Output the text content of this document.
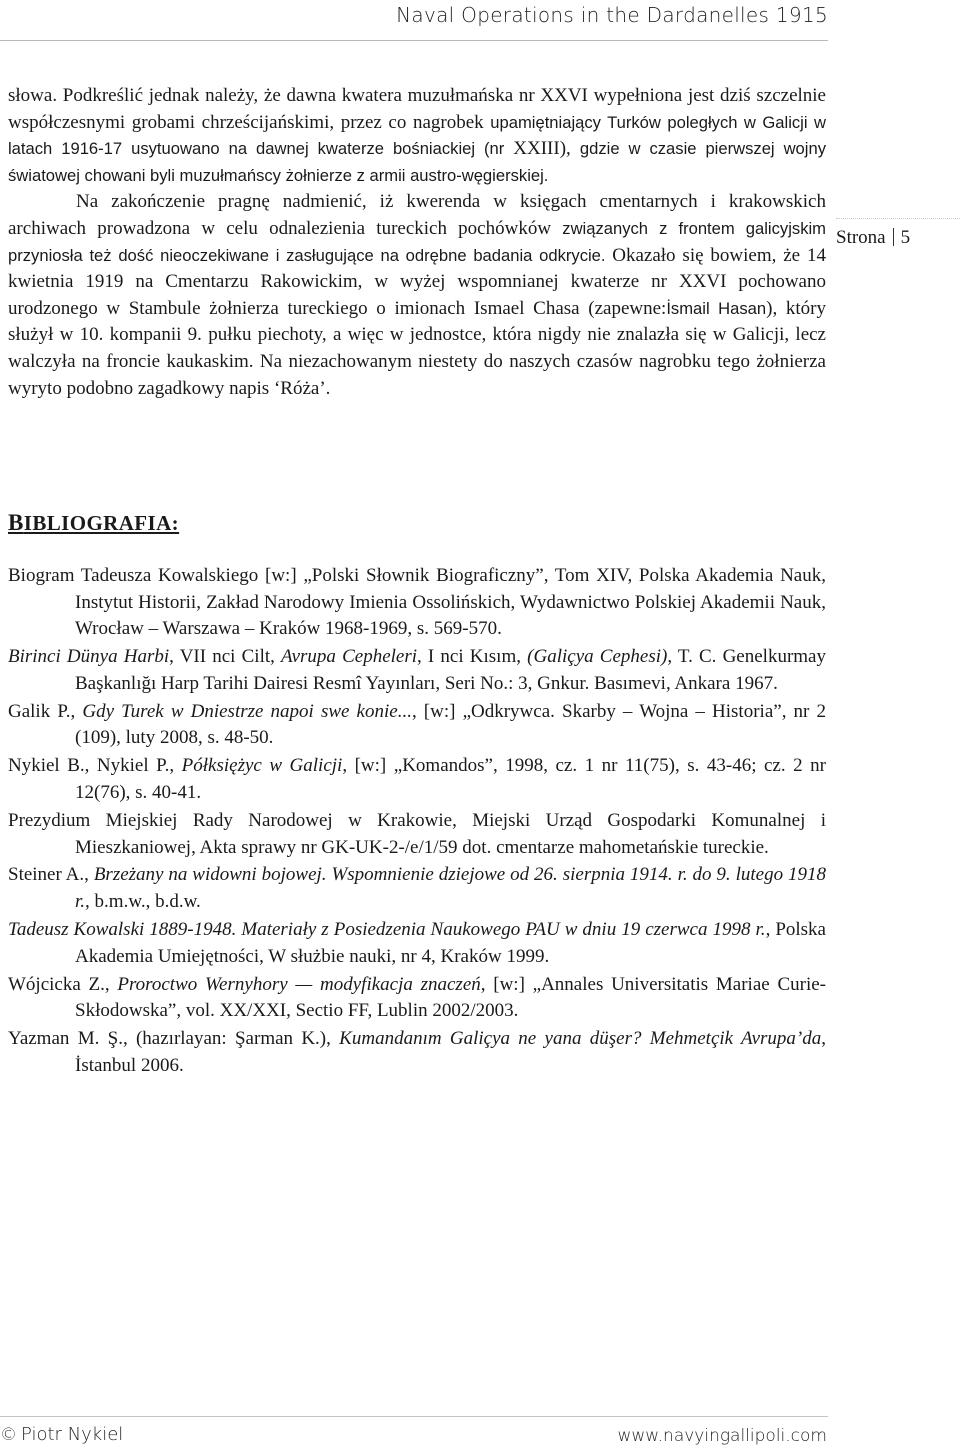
Naval Operations in the Dardanelles 1915
Strona 5

słowa. Podkreślić jednak należy, że dawna kwatera muzułmańska nr XXVI wypełniona jest dziś szczelnie współczesnymi grobami chrześcijańskimi, przez co nagrobek upamiętniający Turków poległych w Galicji w latach 1916-17 usytuowano na dawnej kwaterze bośniackiej (nr XXIII), gdzie w czasie pierwszej wojny światowej chowani byli muzułmańscy żołnierze z armii austro-węgierskiej.

Na zakończenie pragnę nadmienić, iż kwerenda w księgach cmentarnych i krakowskich archiwach prowadzona w celu odnalezienia tureckich pochówków związanych z frontem galicyjskim przyniosła też dość nieoczekiwane i zasługujące na odrębne badania odkrycie. Okazało się bowiem, że 14 kwietnia 1919 na Cmentarzu Rakowickim, w wyżej wspomnianej kwaterze nr XXVI pochowano urodzonego w Stambule żołnierza tureckiego o imionach Ismael Chasa (zapewne:İsmail Hasan), który służył w 10. kompanii 9. pułku piechoty, a więc w jednostce, która nigdy nie znalazła się w Galicji, lecz walczyła na froncie kaukaskim. Na niezachowanym niestety do naszych czasów nagrobku tego żołnierza wyryto podobno zagadkowy napis ‘Róża’.

BIBLIOGRAFIA:
Biogram Tadeusza Kowalskiego [w:] „Polski Słownik Biograficzny”, Tom XIV, Polska Akademia Nauk, Instytut Historii, Zakład Narodowy Imienia Ossolińskich, Wydawnictwo Polskiej Akademii Nauk, Wrocław – Warszawa – Kraków 1968-1969, s. 569-570.
Birinci Dünya Harbi, VII nci Cilt, Avrupa Cepheleri, I nci Kısım, (Galiçya Cephesi), T. C. Genelkurmay Başkanlığı Harp Tarihi Dairesi Resmî Yayınları, Seri No.: 3, Gnkur. Basımevi, Ankara 1967.
Galik P., Gdy Turek w Dniestrze napoi swe konie..., [w:] „Odkrywca. Skarby – Wojna – Historia”, nr 2 (109), luty 2008, s. 48-50.
Nykiel B., Nykiel P., Półksiężyc w Galicji, [w:] „Komandos”, 1998, cz. 1 nr 11(75), s. 43-46; cz. 2 nr 12(76), s. 40-41.
Prezydium Miejskiej Rady Narodowej w Krakowie, Miejski Urząd Gospodarki Komunalnej i Mieszkaniowej, Akta sprawy nr GK-UK-2-/e/1/59 dot. cmentarze mahometańskie tureckie.
Steiner A., Brzeżany na widowni bojowej. Wspomnienie dziejowe od 26. sierpnia 1914. r. do 9. lutego 1918 r., b.m.w., b.d.w.
Tadeusz Kowalski 1889-1948. Materiały z Posiedzenia Naukowego PAU w dniu 19 czerwca 1998 r., Polska Akademia Umiejętności, W służbie nauki, nr 4, Kraków 1999.
Wójcicka Z., Proroctwo Wernyhory — modyfikacja znaczeń, [w:] „Annales Universitatis Mariae Curie- Skłodowska”, vol. XX/XXI, Sectio FF, Lublin 2002/2003.
Yazman M. Ş., (hazırlayan: Şarman K.), Kumandanım Galiçya ne yana düşer? Mehmetçik Avrupa’da, İstanbul 2006.
© Piotr Nykiel	www.navyingallipoli.com
